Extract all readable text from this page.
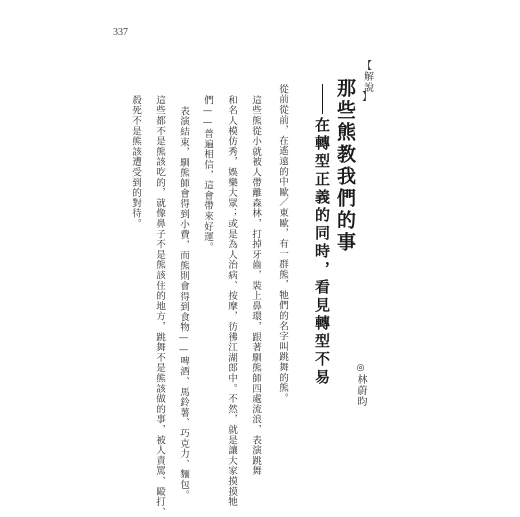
337
【
解說
】
那些熊教我們的事
在轉型正義的同時，看見轉型不易	◎
林蔚昀
從前從前，在遙遠的中歐／東歐，有一群熊，牠們的名字叫跳舞的熊。
這些熊從小就被人帶離森林，打掉牙齒，裝上鼻環，跟著馴熊師四處流浪，表演跳舞
和名人模仿秀，娛樂大眾；或是為人治病、按摩，彷彿江湖郎中。不然，就是讓大家摸摸牠
們——普遍相信，這會帶來好運。
表演結束，馴熊師會得到小費，而熊則會得到食物——啤酒、馬鈴薯、巧克力、麵包。
這些都不是熊該吃的，就像鼻子不是熊該住的地方，跳舞不是熊該做的事，被人責罵、毆打、
殺死不是熊該遭受到的對待。
